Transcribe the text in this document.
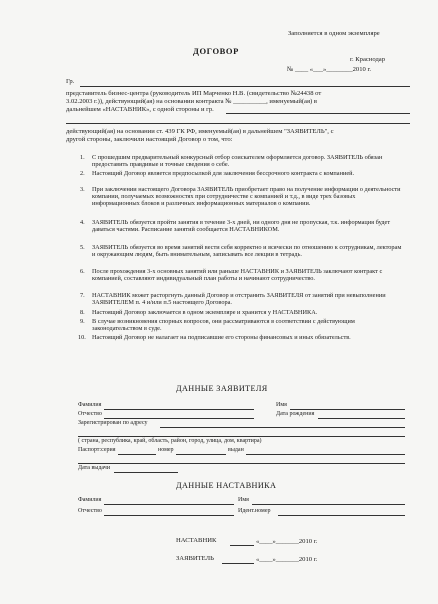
Заполняется в одном экземпляре
ДОГОВОР
г. Краснодар
№ ____ «___»________2010 г.
Гр.
представитель бизнес-центра (руководитель ИП Марченко Н.В. (свидетельство №24438 от
3.02.2003 г.)), действующий(ая) на основании контракта № __________, именуемый(ая) в
дальнейшем «НАСТАВНИК», с одной стороны и гр.
действующий(ая) на основании ст. 439 ГК РФ, именуемый(ая) в дальнейшем "ЗАЯВИТЕЛЬ", с
другой стороны, заключили настоящий Договор о том, что:
1. С прошедшим предварительный конкурсный отбор соискателем оформляется договор. ЗАЯВИТЕЛЬ обязан предоставить правдивые и точные сведения о себе.
2. Настоящий Договор является предпосылкой для заключения бессрочного контракта с компанией.
3. При заключении настоящего Договора ЗАЯВИТЕЛЬ приобретает право на получение информации о деятельности компании, получаемых возможностях при сотрудничестве с компанией и т.д., в виде трех базовых информационных блоков и различных информационных материалов о компании.
4. ЗАЯВИТЕЛЬ обязуется пройти занятия в течение 3-х дней, ни одного дня не пропуская, т.к. информация будет даваться частями. Расписание занятий сообщается НАСТАВНИКОМ.
5. ЗАЯВИТЕЛЬ обязуется во время занятий вести себя корректно и всячески по отношению к сотрудникам, лекторам и окружающим людям, быть внимательным, записывать все лекции в тетрадь.
6. После прохождения 3-х основных занятий или раньше НАСТАВНИК и ЗАЯВИТЕЛЬ заключают контракт с компанией, составляют индивидуальный план работы и начинают сотрудничество.
7. НАСТАВНИК может расторгнуть данный Договор и отстранить ЗАЯВИТЕЛЯ от занятий при невыполнении ЗАЯВИТЕЛЕМ п. 4 и/или п.5 настоящего Договора.
8. Настоящий Договор заключается в одном экземпляре и хранится у НАСТАВНИКА.
9. В случае возникновения спорных вопросов, они рассматриваются в соответствии с действующим законодательством в суде.
10. Настоящий Договор не налагает на подписавшие его стороны финансовых и иных обязательств.
ДАННЫЕ ЗАЯВИТЕЛЯ
Фамилия	Имя
Отчество	Дата рождения
Зарегистрирован по адресу
( страна, республика, край, область, район, город, улица, дом, квартира)
Паспорт:серия	номер	выдан
Дата выдачи
ДАННЫЕ НАСТАВНИКА
Фамилия	Имя
Отчество	Идент.номер
НАСТАВНИК	«____»_______2010 г.
ЗАЯВИТЕЛЬ	«____»_______2010 г.
